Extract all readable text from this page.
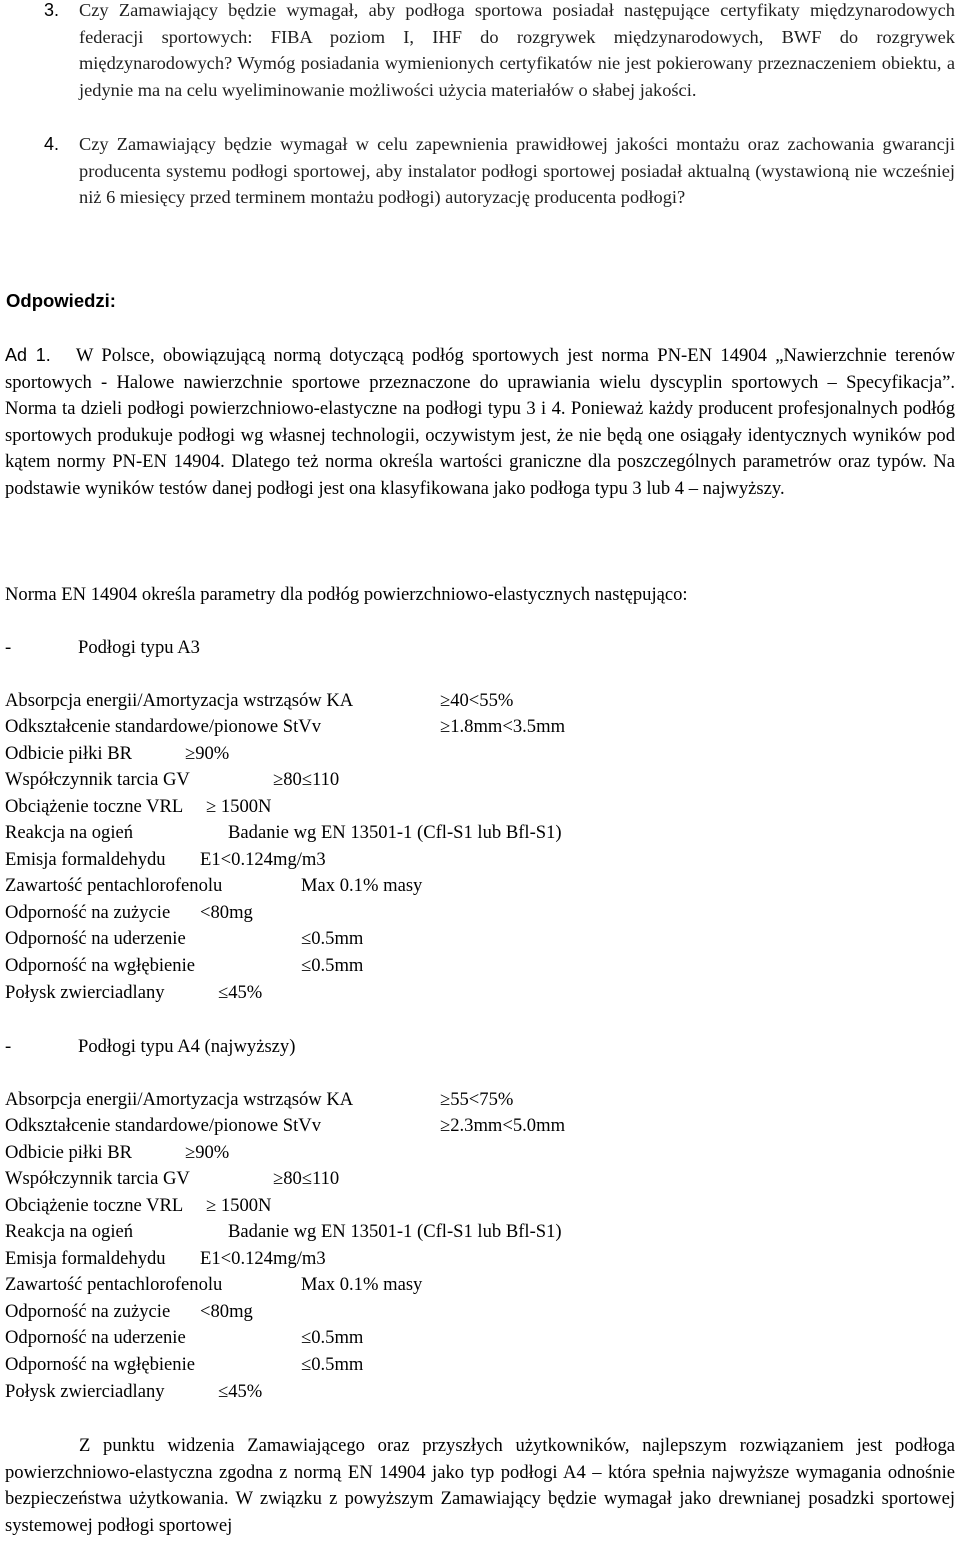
3. Czy Zamawiający będzie wymagał, aby podłoga sportowa posiadał następujące certyfikaty międzynarodowych federacji sportowych: FIBA poziom I, IHF do rozgrywek międzynarodowych, BWF do rozgrywek międzynarodowych? Wymóg posiadania wymienionych certyfikatów nie jest pokierowany przeznaczeniem obiektu, a jedynie ma na celu wyeliminowanie możliwości użycia materiałów o słabej jakości.
4. Czy Zamawiający będzie wymagał w celu zapewnienia prawidłowej jakości montażu oraz zachowania gwarancji producenta systemu podłogi sportowej, aby instalator podłogi sportowej posiadał aktualną (wystawioną nie wcześniej niż 6 miesięcy przed terminem montażu podłogi) autoryzację producenta podłogi?
Odpowiedzi:

Ad 1. W Polsce, obowiązującą normą dotyczącą podłóg sportowych jest norma PN-EN 14904 „Nawierzchnie terenów sportowych - Halowe nawierzchnie sportowe przeznaczone do uprawiania wielu dyscyplin sportowych – Specyfikacja”. Norma ta dzieli podłogi powierzchniowo-elastyczne na podłogi typu 3 i 4. Ponieważ każdy producent profesjonalnych podłóg sportowych produkuje podłogi wg własnej technologii, oczywistym jest, że nie będą one osiągały identycznych wyników pod kątem normy PN-EN 14904. Dlatego też norma określa wartości graniczne dla poszczególnych parametrów oraz typów. Na podstawie wyników testów danej podłogi jest ona klasyfikowana jako podłoga typu 3 lub 4 – najwyższy.

Norma EN 14904 określa parametry dla podłóg powierzchniowo-elastycznych następująco:
-	Podłogi typu A3
Absorpcja energii/Amortyzacja wstrząsów KA	≥40<55%
Odkształcenie standardowe/pionowe StVv	≥1.8mm<3.5mm
Odbicie piłki BR	≥90%
Współczynnik tarcia GV	≥80≤110
Obciążenie toczne VRL ≥ 1500N
Reakcja na ogień	Badanie wg EN 13501-1 (Cfl-S1 lub Bfl-S1)
Emisja formaldehydu E1<0.124mg/m3
Zawartość pentachlorofenolu	Max 0.1% masy
Odporność na zużycie <80mg
Odporność na uderzenie	≤0.5mm
Odporność na wgłębienie	≤0.5mm
Połysk zwierciadlany	≤45%
-	Podłogi typu A4 (najwyższy)
Absorpcja energii/Amortyzacja wstrząsów KA	≥55<75%
Odkształcenie standardowe/pionowe StVv	≥2.3mm<5.0mm
Odbicie piłki BR	≥90%
Współczynnik tarcia GV	≥80≤110
Obciążenie toczne VRL ≥ 1500N
Reakcja na ogień	Badanie wg EN 13501-1 (Cfl-S1 lub Bfl-S1)
Emisja formaldehydu E1<0.124mg/m3
Zawartość pentachlorofenolu	Max 0.1% masy
Odporność na zużycie <80mg
Odporność na uderzenie	≤0.5mm
Odporność na wgłębienie	≤0.5mm
Połysk zwierciadlany	≤45%

Z punktu widzenia Zamawiającego oraz przyszłych użytkowników, najlepszym rozwiązaniem jest podłoga powierzchniowo-elastyczna zgodna z normą EN 14904 jako typ podłogi A4 – która spełnia najwyższe wymagania odnośnie bezpieczeństwa użytkowania. W związku z powyższym Zamawiający będzie wymagał jako drewnianej posadzki sportowej systemowej podłogi sportowej
